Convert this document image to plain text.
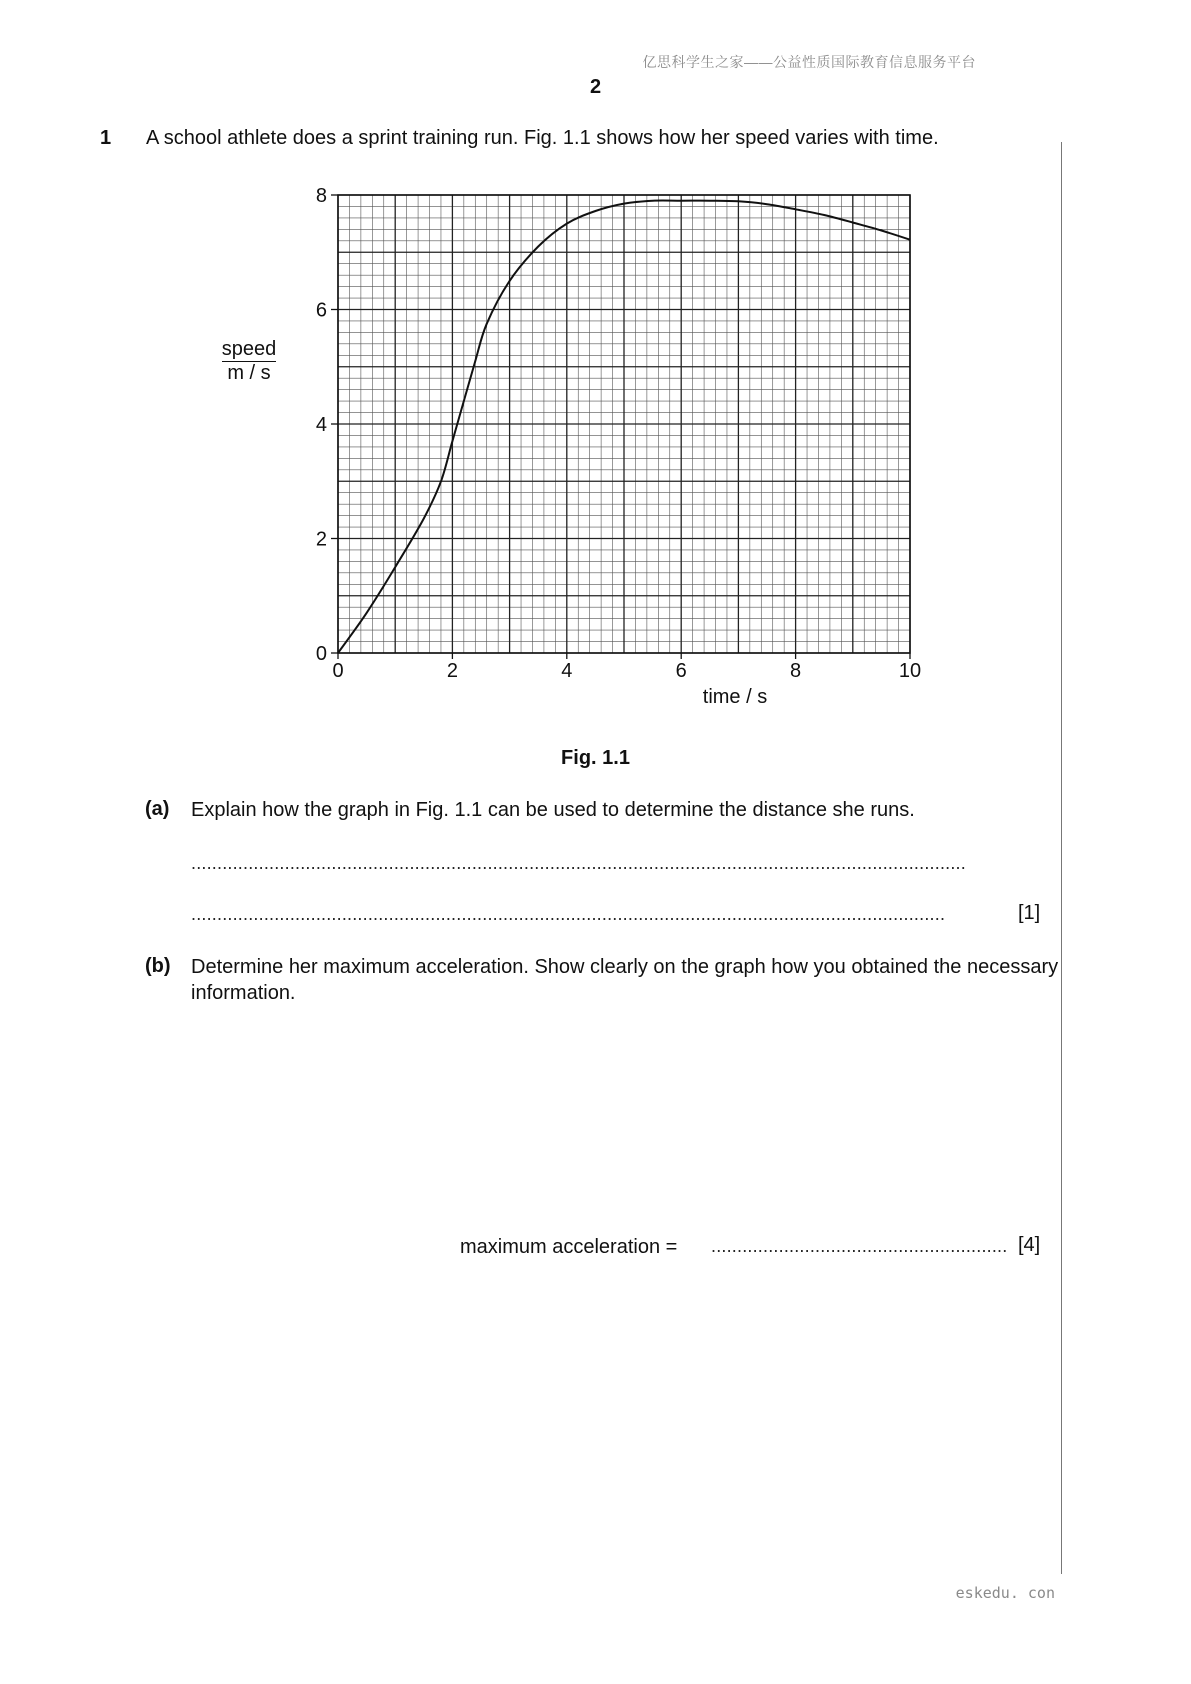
亿思科学生之家——公益性质国际教育信息服务平台
2
1 A school athlete does a sprint training run. Fig. 1.1 shows how her speed varies with time.
speed
m / s
0	2	4	6	8	10
0
2
4
6
8
time / s
Fig. 1.1
(a) Explain how the graph in Fig. 1.1 can be used to determine the distance she runs.
.....................................................................................................................................................
.................................................................................................................................................	[1]
(b) Determine her maximum acceleration. Show clearly on the graph how you obtained the necessary information.
maximum acceleration = ......................................................... [4]
eskedu. con
